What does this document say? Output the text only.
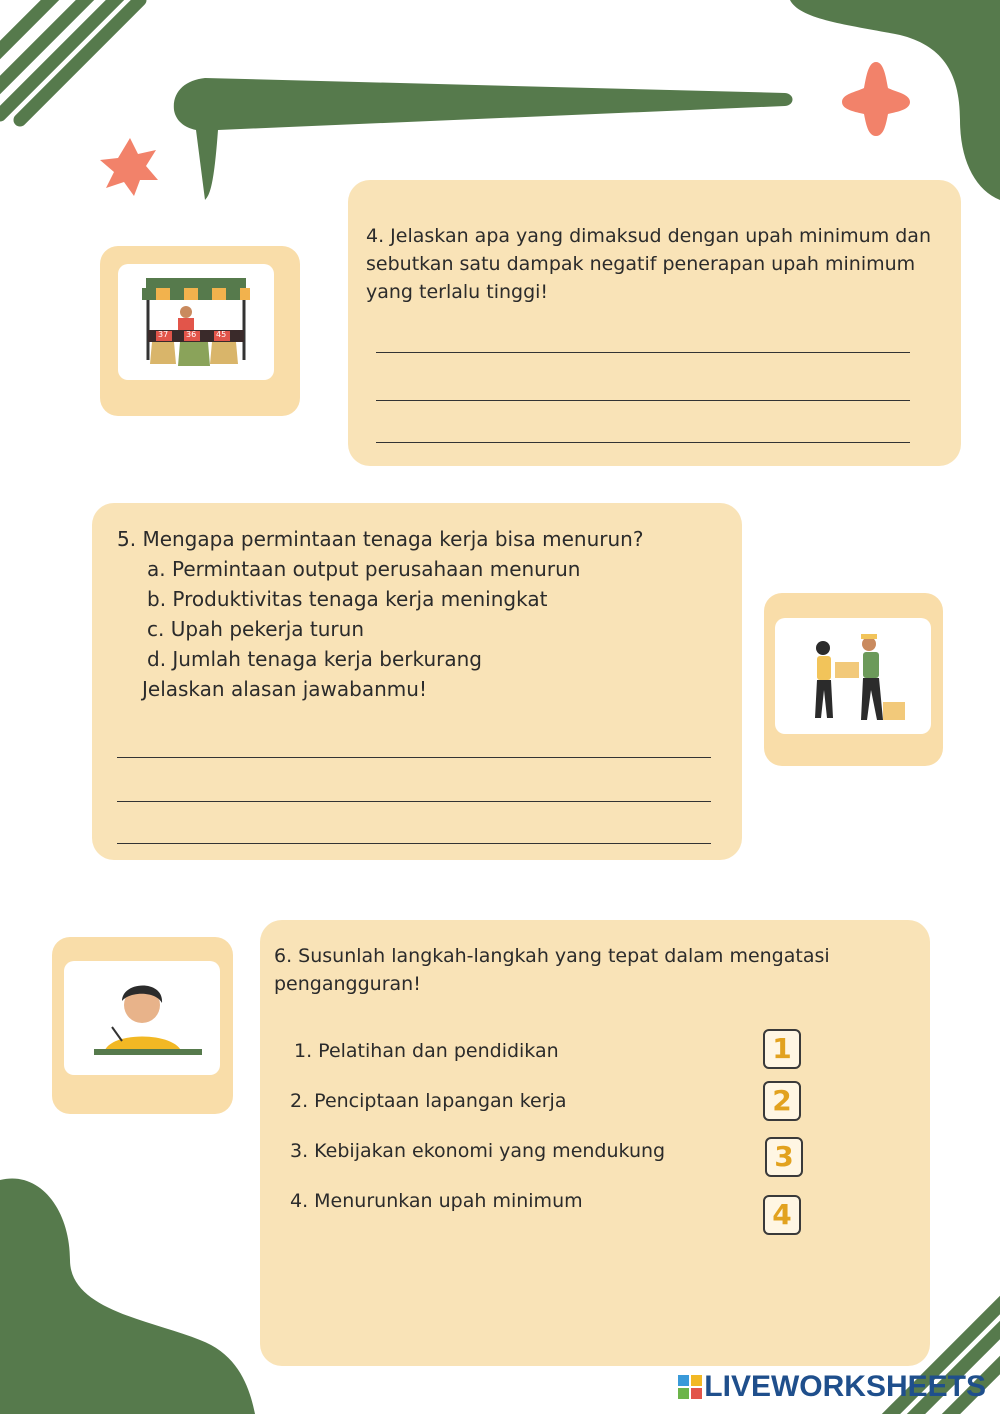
37 36 45
4. Jelaskan apa yang dimaksud dengan upah minimum dan sebutkan satu dampak negatif penerapan upah minimum yang terlalu tinggi!
5. Mengapa permintaan tenaga kerja bisa menurun?
a. Permintaan output perusahaan menurun
b. Produktivitas tenaga kerja meningkat
c. Upah pekerja turun
d. Jumlah tenaga kerja berkurang
Jelaskan alasan jawabanmu!
6. Susunlah langkah-langkah yang tepat dalam mengatasi pengangguran!
1. Pelatihan dan pendidikan
2. Penciptaan lapangan kerja
3. Kebijakan ekonomi yang mendukung
4. Menurunkan upah minimum
1
2
3
4
LIVEWORKSHEETS
